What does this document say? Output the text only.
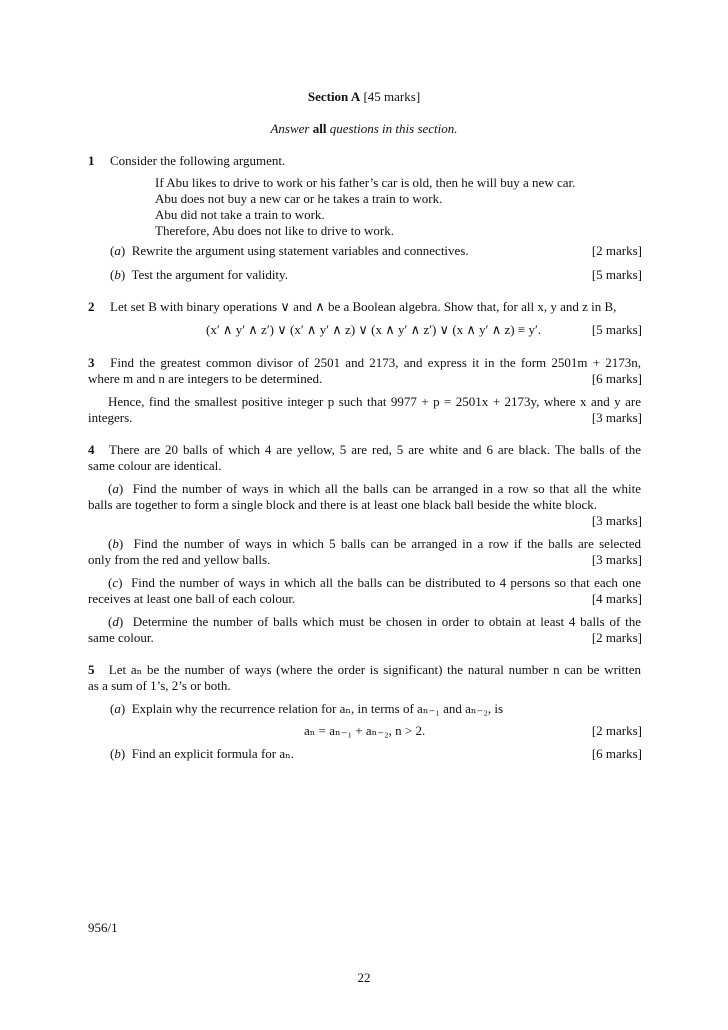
Section A [45 marks]
Answer all questions in this section.
1 Consider the following argument.
If Abu likes to drive to work or his father’s car is old, then he will buy a new car.
Abu does not buy a new car or he takes a train to work.
Abu did not take a train to work.
Therefore, Abu does not like to drive to work.
(a)  Rewrite the argument using statement variables and connectives.	[2 marks]
(b)  Test the argument for validity.	[5 marks]
2 Let set B with binary operations ∨ and ∧ be a Boolean algebra. Show that, for all x, y and z in B,
(x′ ∧ y′ ∧ z′) ∨ (x′ ∧ y′ ∧ z) ∨ (x ∧ y′ ∧ z′) ∨ (x ∧ y′ ∧ z) ≡ y′.	[5 marks]
3 Find the greatest common divisor of 2501 and 2173, and express it in the form 2501m + 2173n,
where m and n are integers to be determined.	[6 marks]
Hence, find the smallest positive integer p such that 9977 + p = 2501x + 2173y, where x and y are
integers.	[3 marks]
4 There are 20 balls of which 4 are yellow, 5 are red, 5 are white and 6 are black. The balls of the
same colour are identical.
(a)  Find the number of ways in which all the balls can be arranged in a row so that all the white
balls are together to form a single block and there is at least one black ball beside the white block.
[3 marks]
(b)  Find the number of ways in which 5 balls can be arranged in a row if the balls are selected
only from the red and yellow balls.	[3 marks]
(c)  Find the number of ways in which all the balls can be distributed to 4 persons so that each one
receives at least one ball of each colour.	[4 marks]
(d)  Determine the number of balls which must be chosen in order to obtain at least 4 balls of the
same colour.	[2 marks]
5 Let aₙ be the number of ways (where the order is significant) the natural number n can be written
as a sum of 1’s, 2’s or both.
(a)  Explain why the recurrence relation for aₙ, in terms of aₙ₋₁ and aₙ₋₂, is
aₙ = aₙ₋₁ + aₙ₋₂, n > 2.	[2 marks]
(b)  Find an explicit formula for aₙ.	[6 marks]
956/1
22
